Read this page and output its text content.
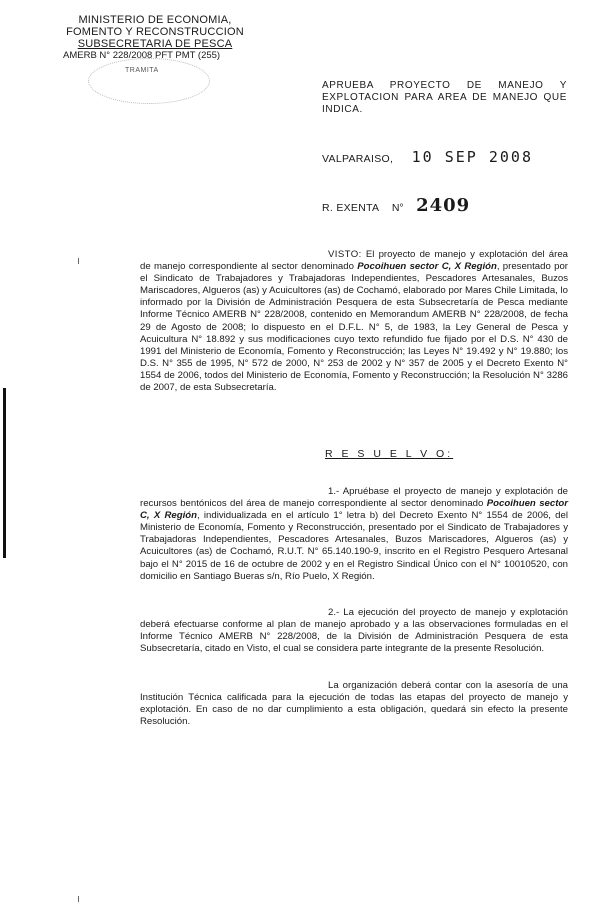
MINISTERIO DE ECONOMIA,
FOMENTO Y RECONSTRUCCION
SUBSECRETARIA DE PESCA
AMERB N° 228/2008 PFT PMT (255)
TRAMITA
APRUEBA PROYECTO DE MANEJO Y EXPLOTACION PARA AREA DE MANEJO QUE INDICA.
VALPARAISO, 10 SEP 2008
R. EXENTA N° 2409
VISTO: El proyecto de manejo y explotación del área de manejo correspondiente al sector denominado Pocoihuen sector C, X Región, presentado por el Sindicato de Trabajadores y Trabajadoras Independientes, Pescadores Artesanales, Buzos Mariscadores, Algueros (as) y Acuicultores (as) de Cochamó, elaborado por Mares Chile Limitada, lo informado por la División de Administración Pesquera de esta Subsecretaría de Pesca mediante Informe Técnico AMERB N° 228/2008, contenido en Memorandum AMERB N° 228/2008, de fecha 29 de Agosto de 2008; lo dispuesto en el D.F.L. N° 5, de 1983, la Ley General de Pesca y Acuicultura N° 18.892 y sus modificaciones cuyo texto refundido fue fijado por el D.S. N° 430 de 1991 del Ministerio de Economía, Fomento y Reconstrucción; las Leyes N° 19.492 y N° 19.880; los D.S. N° 355 de 1995, N° 572 de 2000, N° 253 de 2002 y N° 357 de 2005 y el Decreto Exento N° 1554 de 2006, todos del Ministerio de Economía, Fomento y Reconstrucción; la Resolución N° 3286 de 2007, de esta Subsecretaría.
R E S U E L V O:
1.- Apruébase el proyecto de manejo y explotación de recursos bentónicos del área de manejo correspondiente al sector denominado Pocoihuen sector C, X Región, individualizada en el artículo 1° letra b) del Decreto Exento N° 1554 de 2006, del Ministerio de Economía, Fomento y Reconstrucción, presentado por el Sindicato de Trabajadores y Trabajadoras Independientes, Pescadores Artesanales, Buzos Mariscadores, Algueros (as) y Acuicultores (as) de Cochamó, R.U.T. N° 65.140.190-9, inscrito en el Registro Pesquero Artesanal bajo el N° 2015 de 16 de octubre de 2002 y en el Registro Sindical Único con el N° 10010520, con domicilio en Santiago Bueras s/n, Río Puelo, X Región.
2.- La ejecución del proyecto de manejo y explotación deberá efectuarse conforme al plan de manejo aprobado y a las observaciones formuladas en el Informe Técnico AMERB N° 228/2008, de la División de Administración Pesquera de esta Subsecretaría, citado en Visto, el cual se considera parte integrante de la presente Resolución.
La organización deberá contar con la asesoría de una Institución Técnica calificada para la ejecución de todas las etapas del proyecto de manejo y explotación. En caso de no dar cumplimiento a esta obligación, quedará sin efecto la presente Resolución.
